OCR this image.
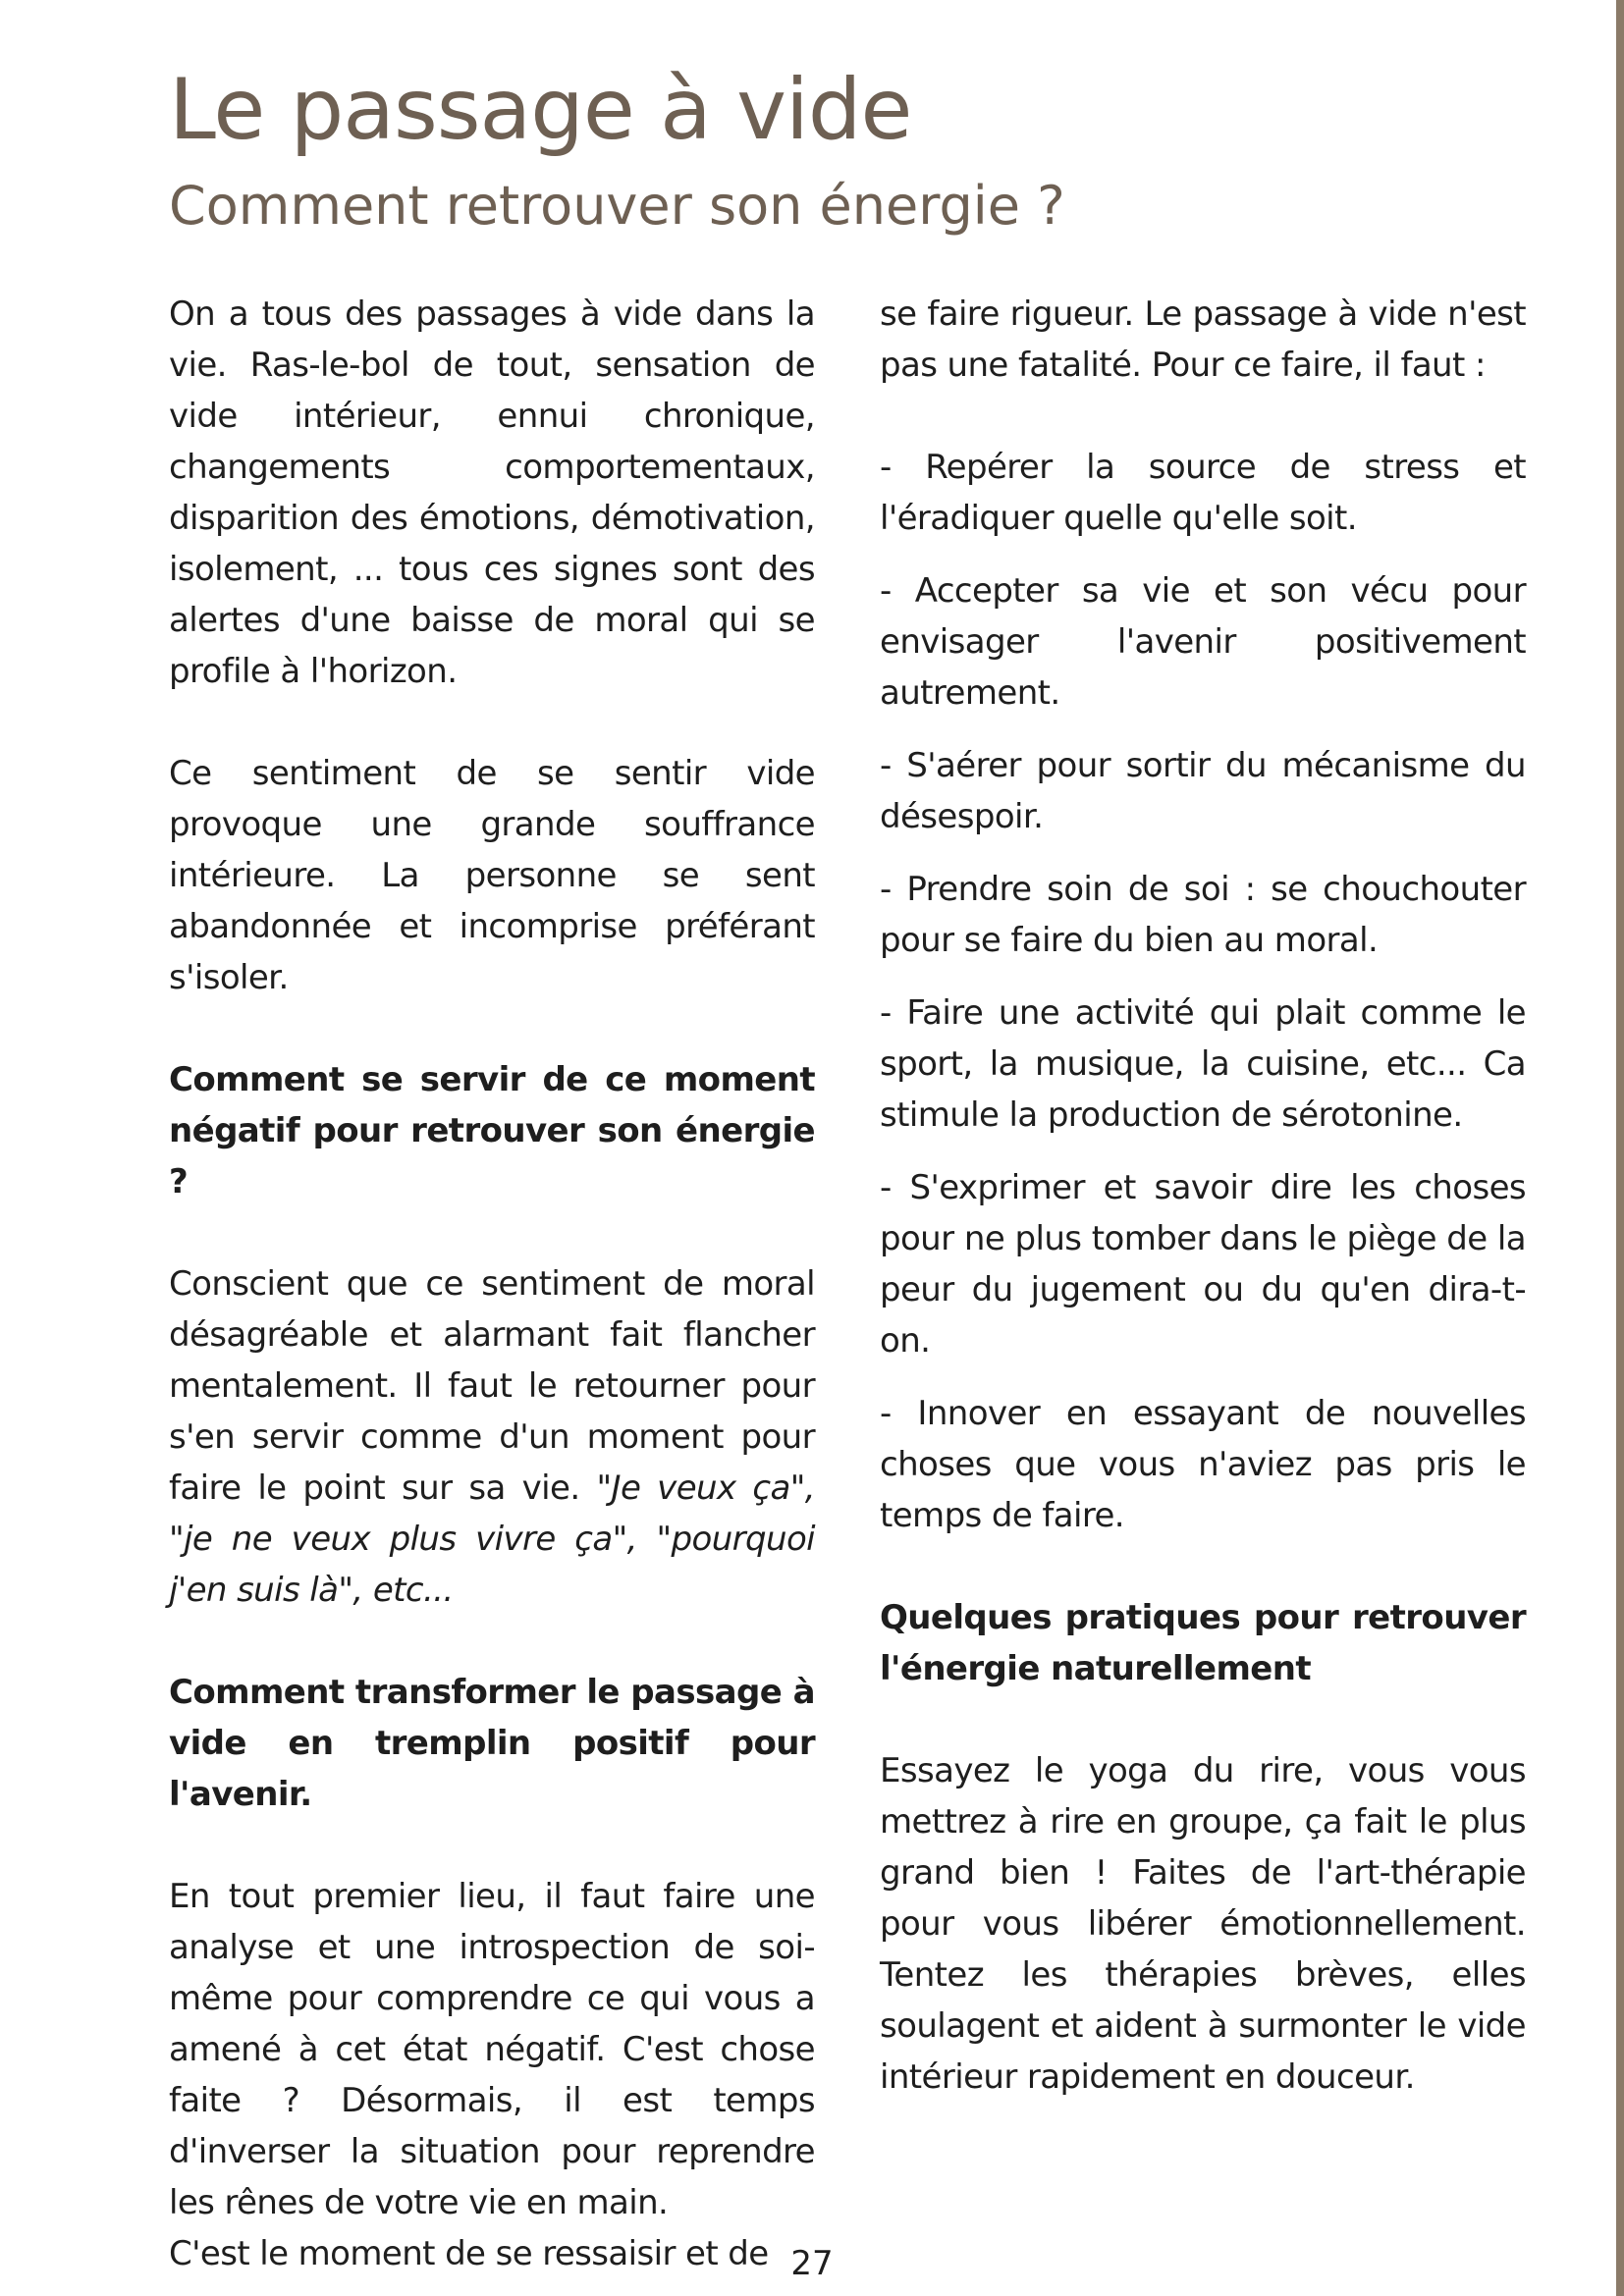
Le passage à vide
Comment retrouver son énergie ?

On a tous des passages à vide dans la vie. Ras-le-bol de tout, sensation de vide intérieur, ennui chronique, changements comportementaux, disparition des émotions, démotivation, isolement, ... tous ces signes sont des alertes d'une baisse de moral qui se profile à l'horizon.

Ce sentiment de se sentir vide provoque une grande souffrance intérieure. La personne se sent abandonnée et incomprise préférant s'isoler.

Comment se servir de ce moment négatif pour retrouver son énergie ?

Conscient que ce sentiment de moral désagréable et alarmant fait flancher mentalement. Il faut le retourner pour s'en servir comme d'un moment pour faire le point sur sa vie. "Je veux ça", "je ne veux plus vivre ça", "pourquoi j'en suis là", etc...

Comment transformer le passage à vide en tremplin positif pour l'avenir.

En tout premier lieu, il faut faire une analyse et une introspection de soi-même pour comprendre ce qui vous a amené à cet état négatif. C'est chose faite ? Désormais, il est temps d'inverser la situation pour reprendre les rênes de votre vie en main.

C'est le moment de se ressaisir et de

se faire rigueur. Le passage à vide n'est pas une fatalité. Pour ce faire, il faut :

- Repérer la source de stress et l'éradiquer quelle qu'elle soit.

- Accepter sa vie et son vécu pour envisager l'avenir positivement autrement.

- S'aérer pour sortir du mécanisme du désespoir.

- Prendre soin de soi : se chouchouter pour se faire du bien au moral.

- Faire une activité qui plait comme le sport, la musique, la cuisine, etc... Ca stimule la production de sérotonine.

- S'exprimer et savoir dire les choses pour ne plus tomber dans le piège de la peur du jugement ou du qu'en dira-t-on.

- Innover en essayant de nouvelles choses que vous n'aviez pas pris le temps de faire.

Quelques pratiques pour retrouver l'énergie naturellement

Essayez le yoga du rire, vous vous mettrez à rire en groupe, ça fait le plus grand bien ! Faites de l'art-thérapie pour vous libérer émotionnellement. Tentez les thérapies brèves, elles soulagent et aident à surmonter le vide intérieur rapidement en douceur.

27
